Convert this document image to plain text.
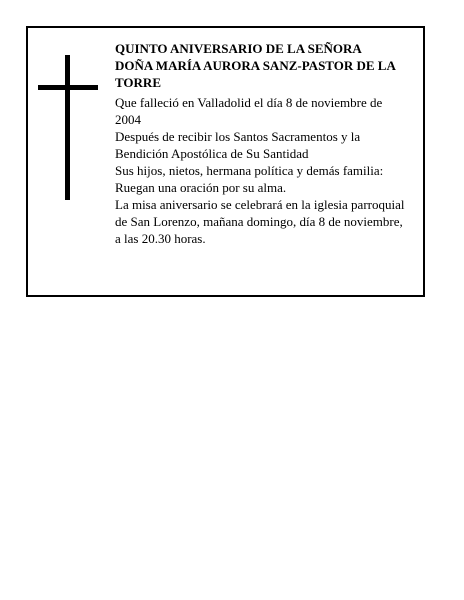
QUINTO ANIVERSARIO DE LA SEÑORA
DOÑA MARÍA AURORA SANZ-PASTOR DE LA
TORRE
Que falleció en Valladolid el día 8 de noviembre de
2004
Después de recibir los Santos Sacramentos y la
Bendición Apostólica de Su Santidad
Sus hijos, nietos, hermana política y demás familia:
Ruegan una oración por su alma.
La misa aniversario se celebrará en la iglesia parroquial
de San Lorenzo, mañana domingo, día 8 de noviembre,
a las 20.30 horas.
